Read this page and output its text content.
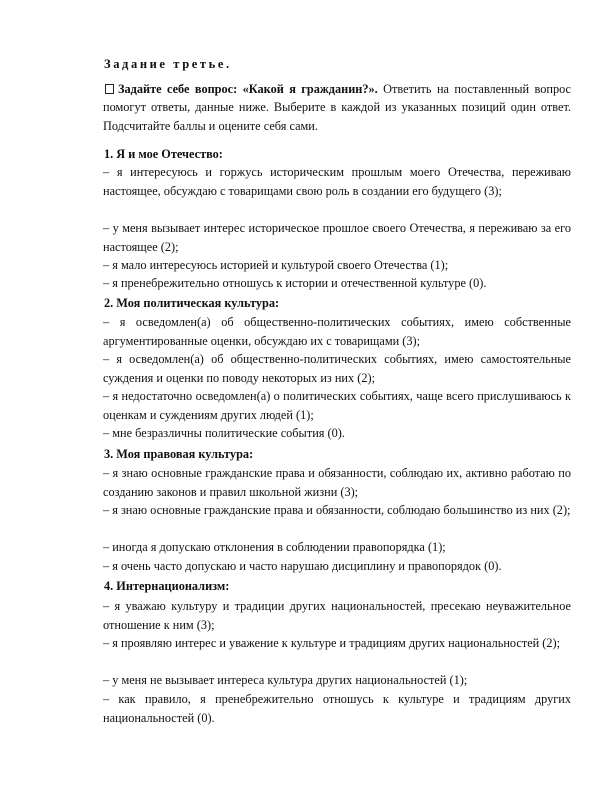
Задание третье.
Задайте себе вопрос: «Какой я гражданин?». Ответить на поставленный вопрос помогут ответы, данные ниже. Выберите в каждой из указанных позиций один ответ. Подсчитайте баллы и оцените себя сами.
1. Я и мое Отечество:
– я интересуюсь и горжусь историческим прошлым моего Отечества, переживаю настоящее, обсуждаю с товарищами свою роль в создании его будущего (3);
– у меня вызывает интерес историческое прошлое своего Отечества, я переживаю за его настоящее (2);
– я мало интересуюсь историей и культурой своего Отечества (1);
– я пренебрежительно отношусь к истории и отечественной культуре (0).
2. Моя политическая культура:
– я осведомлен(а) об общественно-политических событиях, имею собственные аргументированные оценки, обсуждаю их с товарищами (3);
– я осведомлен(а) об общественно-политических событиях, имею самостоятельные суждения и оценки по поводу некоторых из них (2);
– я недостаточно осведомлен(а) о политических событиях, чаще всего прислушиваюсь к оценкам и суждениям других людей (1);
– мне безразличны политические события (0).
3. Моя правовая культура:
– я знаю основные гражданские права и обязанности, соблюдаю их, активно работаю по созданию законов и правил школьной жизни (3);
– я знаю основные гражданские права и обязанности, соблюдаю большинство из них (2);
– иногда я допускаю отклонения в соблюдении правопорядка (1);
– я очень часто допускаю и часто нарушаю дисциплину и правопорядок (0).
4. Интернационализм:
– я уважаю культуру и традиции других национальностей, пресекаю неуважительное отношение к ним (3);
– я проявляю интерес и уважение к культуре и традициям других национальностей (2);
– у меня не вызывает интереса культура других национальностей (1);
– как правило, я пренебрежительно отношусь к культуре и традициям других национальностей (0).
